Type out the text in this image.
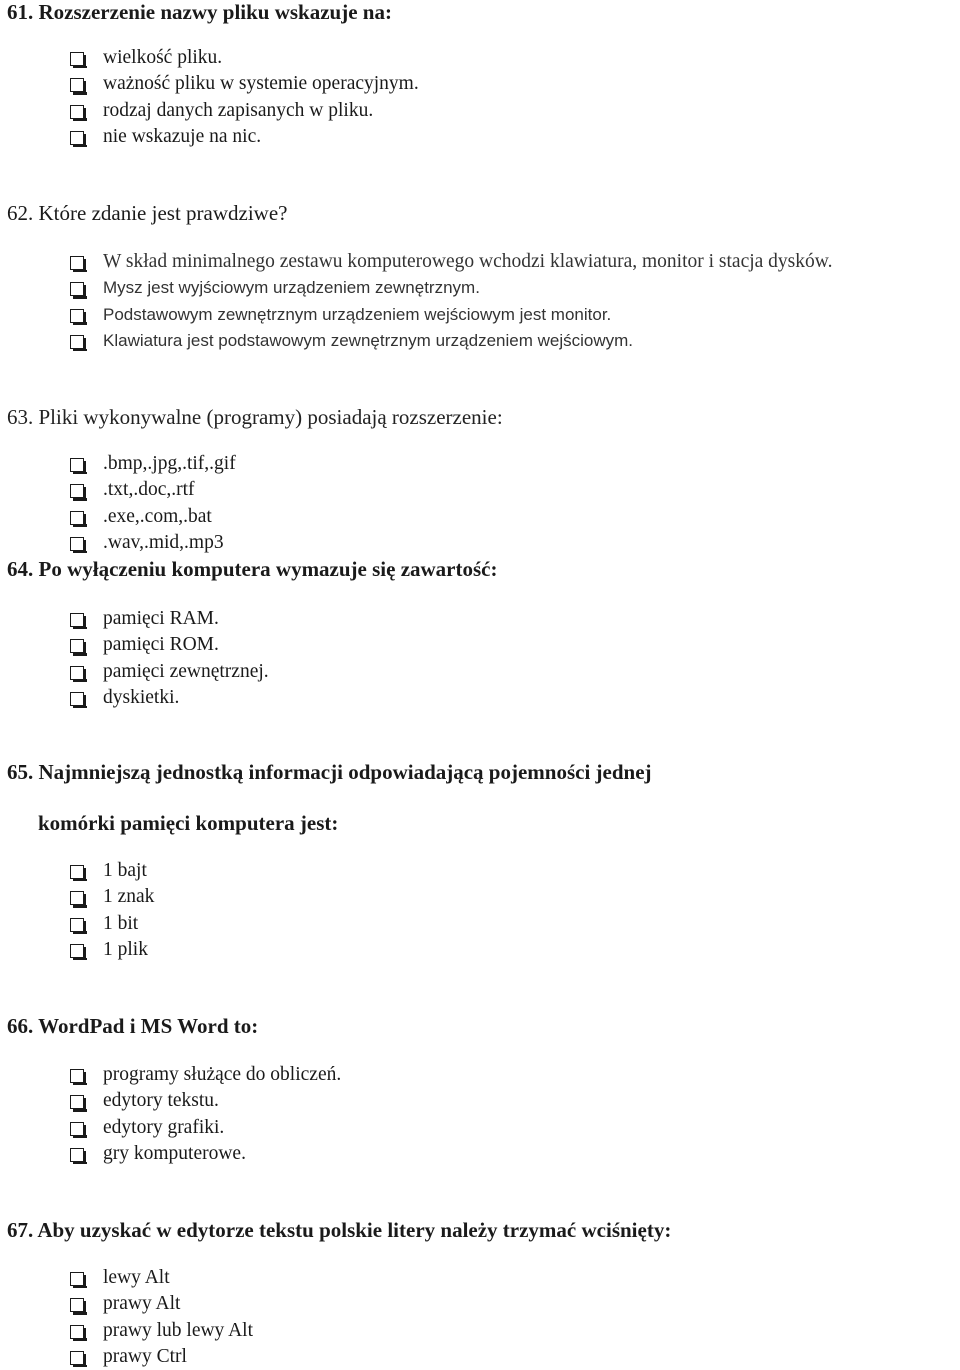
61. Rozszerzenie nazwy pliku wskazuje na:
wielkość pliku.
ważność pliku w systemie operacyjnym.
rodzaj danych zapisanych w pliku.
nie wskazuje na nic.
62. Które zdanie jest prawdziwe?
W skład minimalnego zestawu komputerowego wchodzi klawiatura, monitor i stacja dysków.
Mysz jest wyjściowym urządzeniem zewnętrznym.
Podstawowym zewnętrznym urządzeniem wejściowym jest monitor.
Klawiatura jest podstawowym zewnętrznym urządzeniem wejściowym.
63. Pliki wykonywalne (programy) posiadają rozszerzenie:
.bmp,.jpg,.tif,.gif
.txt,.doc,.rtf
.exe,.com,.bat
.wav,.mid,.mp3
64. Po wyłączeniu komputera wymazuje się zawartość:
pamięci RAM.
pamięci ROM.
pamięci zewnętrznej.
dyskietki.
65. Najmniejszą jednostką informacji odpowiadającą pojemności jednej
komórki pamięci komputera jest:
1 bajt
1 znak
1 bit
1 plik
66. WordPad i MS Word to:
programy służące do obliczeń.
edytory tekstu.
edytory grafiki.
gry komputerowe.
67. Aby uzyskać w edytorze tekstu polskie litery należy trzymać wciśnięty:
lewy Alt
prawy Alt
prawy lub lewy Alt
prawy Ctrl
